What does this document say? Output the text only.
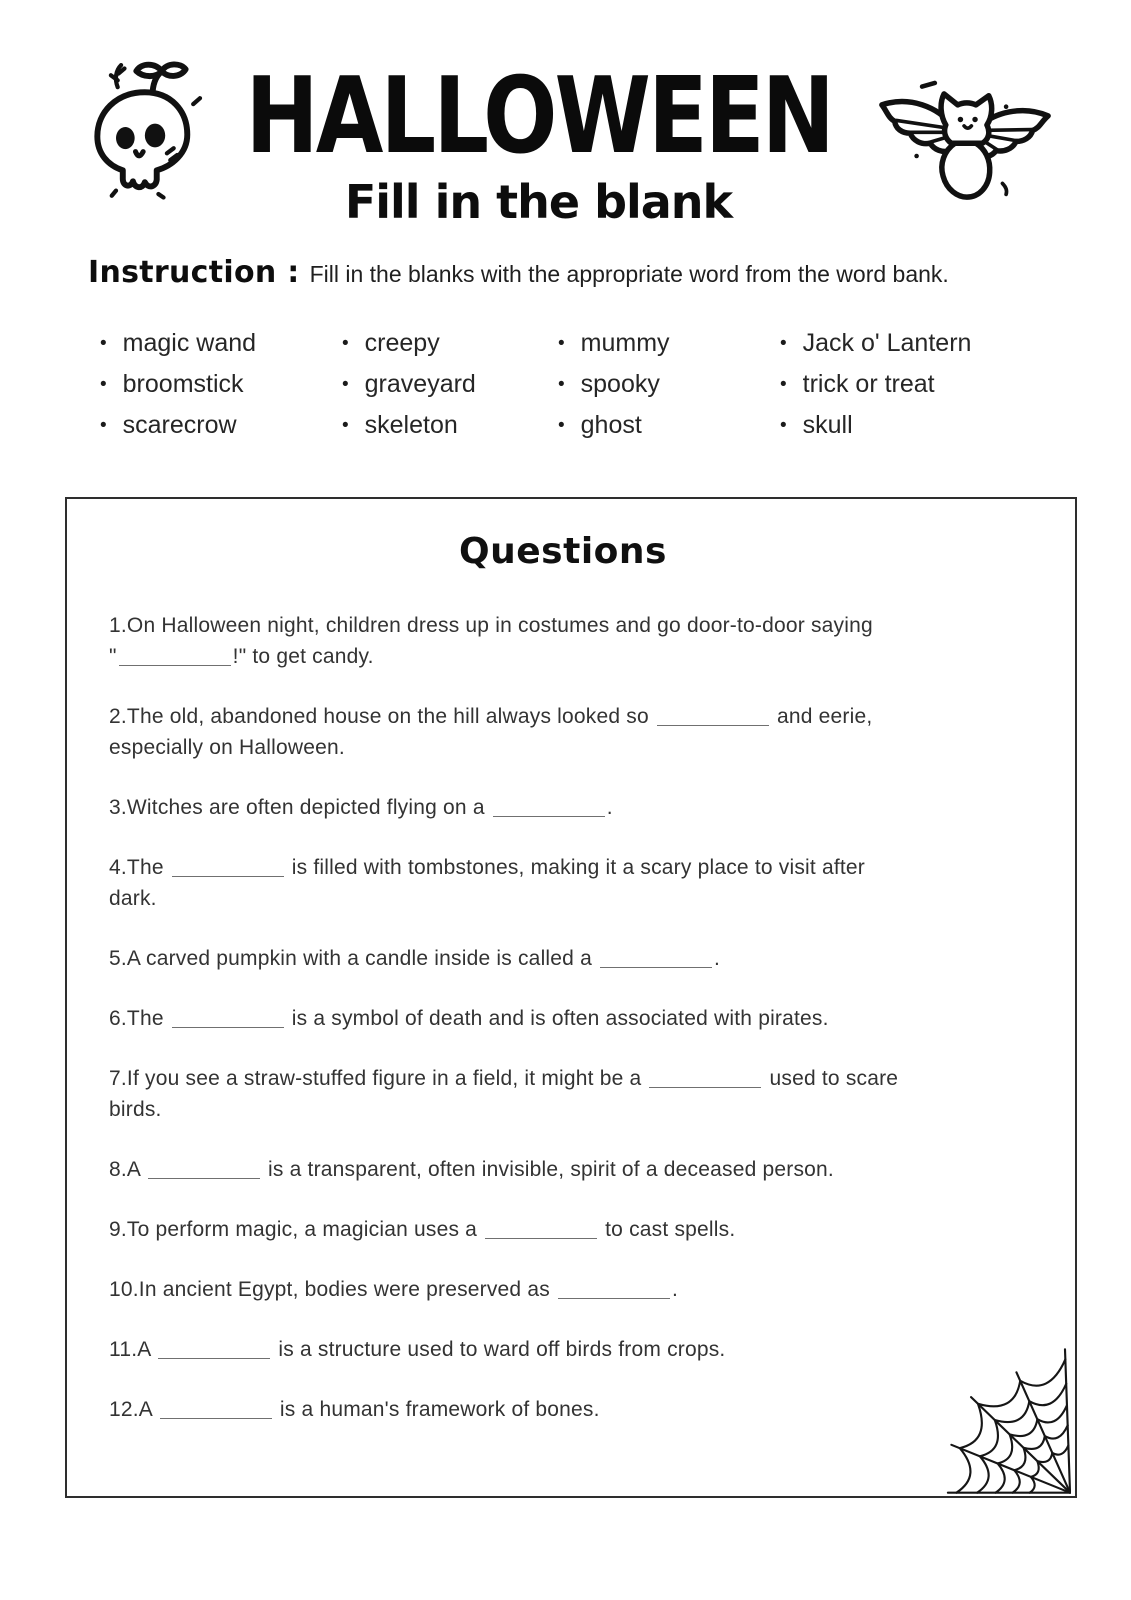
HALLOWEEN
Fill in the blank
Instruction : Fill in the blanks with the appropriate word from the word bank.
• magic wand
• broomstick
• scarecrow
• creepy
• graveyard
• skeleton
• mummy
• spooky
• ghost
• Jack o' Lantern
• trick or treat
• skull
Questions
1.On Halloween night, children dress up in costumes and go door-to-door saying
"	!" to get candy.
2.The old, abandoned house on the hill always looked so	and eerie,
especially on Halloween.
3.Witches are often depicted flying on a	.
4.The	is filled with tombstones, making it a scary place to visit after
dark.
5.A carved pumpkin with a candle inside is called a	.
6.The	is a symbol of death and is often associated with pirates.
7.If you see a straw-stuffed figure in a field, it might be a	used to scare
birds.
8.A	is a transparent, often invisible, spirit of a deceased person.
9.To perform magic, a magician uses a	to cast spells.
10.In ancient Egypt, bodies were preserved as	.
11.A	is a structure used to ward off birds from crops.
12.A	is a human's framework of bones.
